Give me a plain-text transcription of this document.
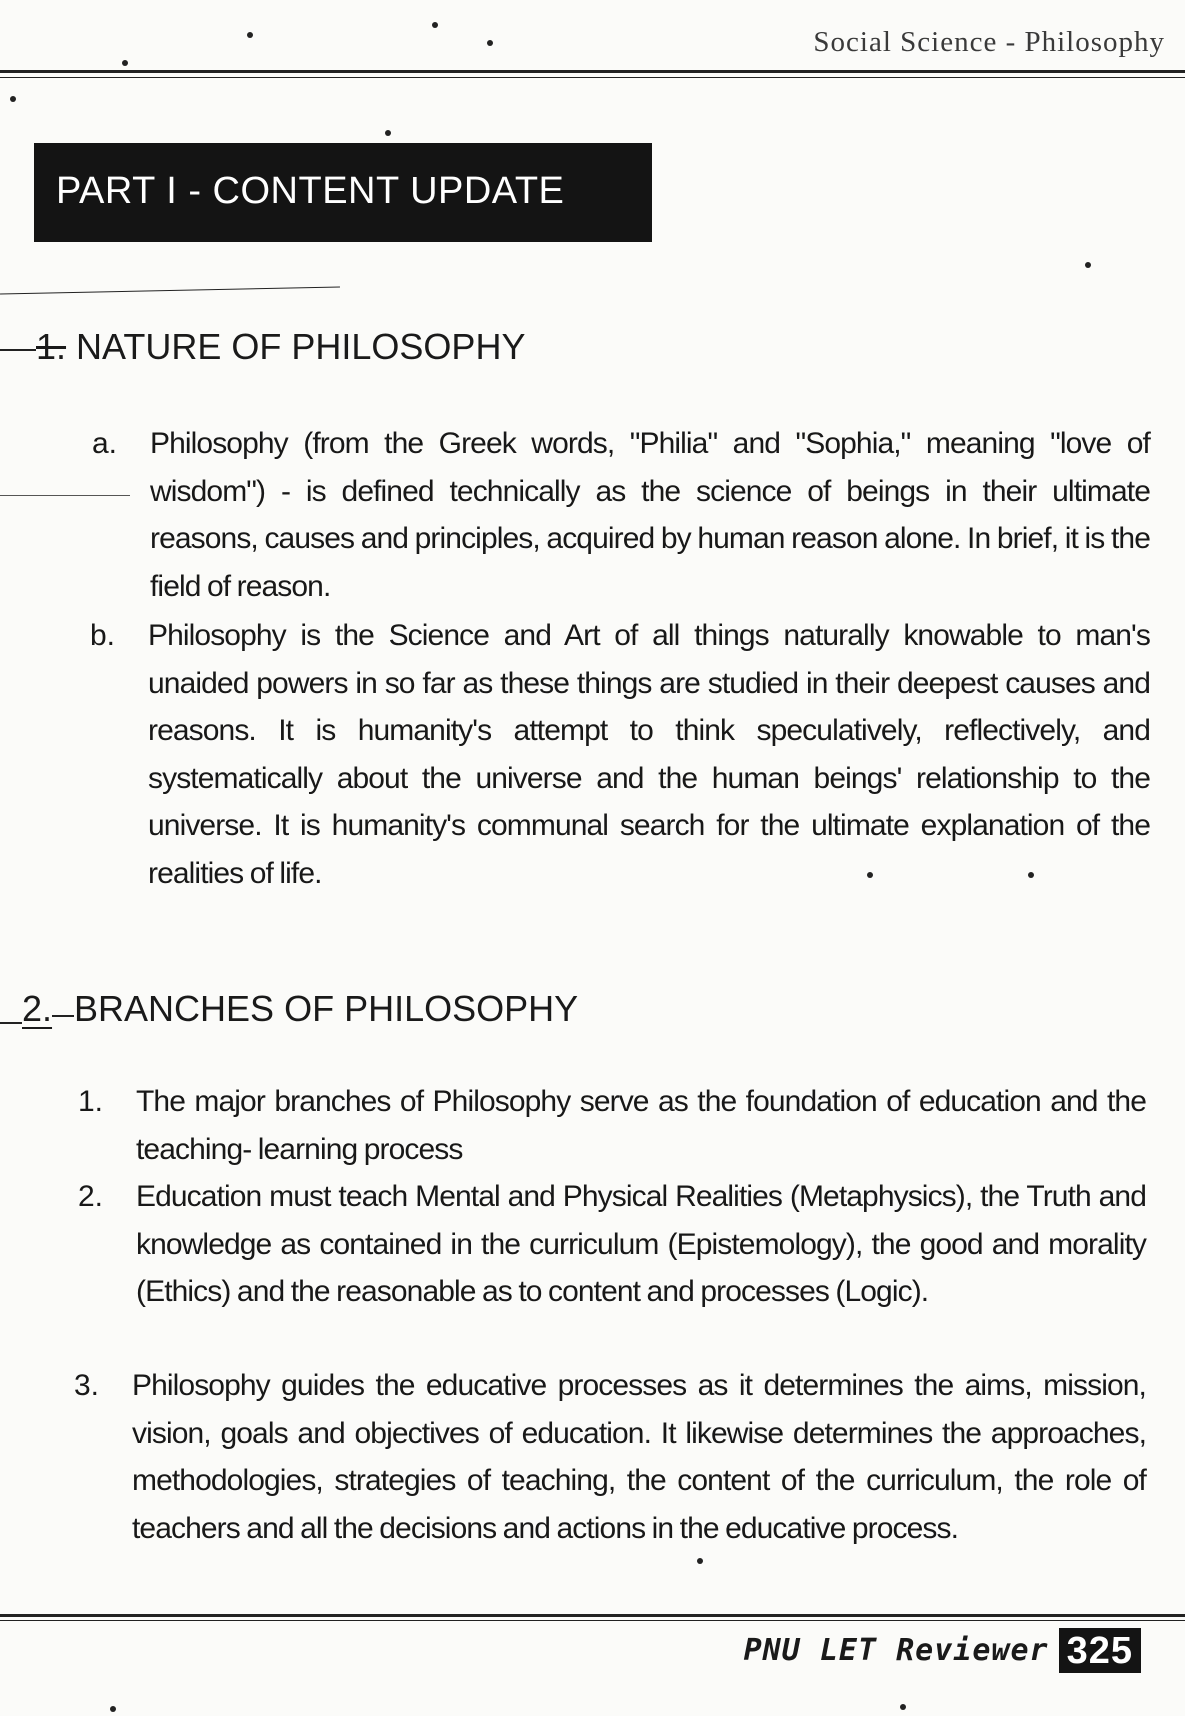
Social Science - Philosophy
PART I - CONTENT UPDATE
1. NATURE OF PHILOSOPHY
a. Philosophy (from the Greek words, "Philia" and "Sophia," meaning "love of wisdom") - is defined technically as the science of beings in their ultimate reasons, causes and principles, acquired by human reason alone. In brief, it is the field of reason.
b. Philosophy is the Science and Art of all things naturally knowable to man's unaided powers in so far as these things are studied in their deepest causes and reasons. It is humanity's attempt to think speculatively, reflectively, and systematically about the universe and the human beings' relationship to the universe. It is humanity's communal search for the ultimate explanation of the realities of life.
2. BRANCHES OF PHILOSOPHY
1. The major branches of Philosophy serve as the foundation of education and the teaching- learning process
2. Education must teach Mental and Physical Realities (Metaphysics), the Truth and knowledge as contained in the curriculum (Epistemology), the good and morality (Ethics) and the reasonable as to content and processes (Logic).
3. Philosophy guides the educative processes as it determines the aims, mission, vision, goals and objectives of education. It likewise determines the approaches, methodologies, strategies of teaching, the content of the curriculum, the role of teachers and all the decisions and actions in the educative process.
PNU LET Reviewer 325
